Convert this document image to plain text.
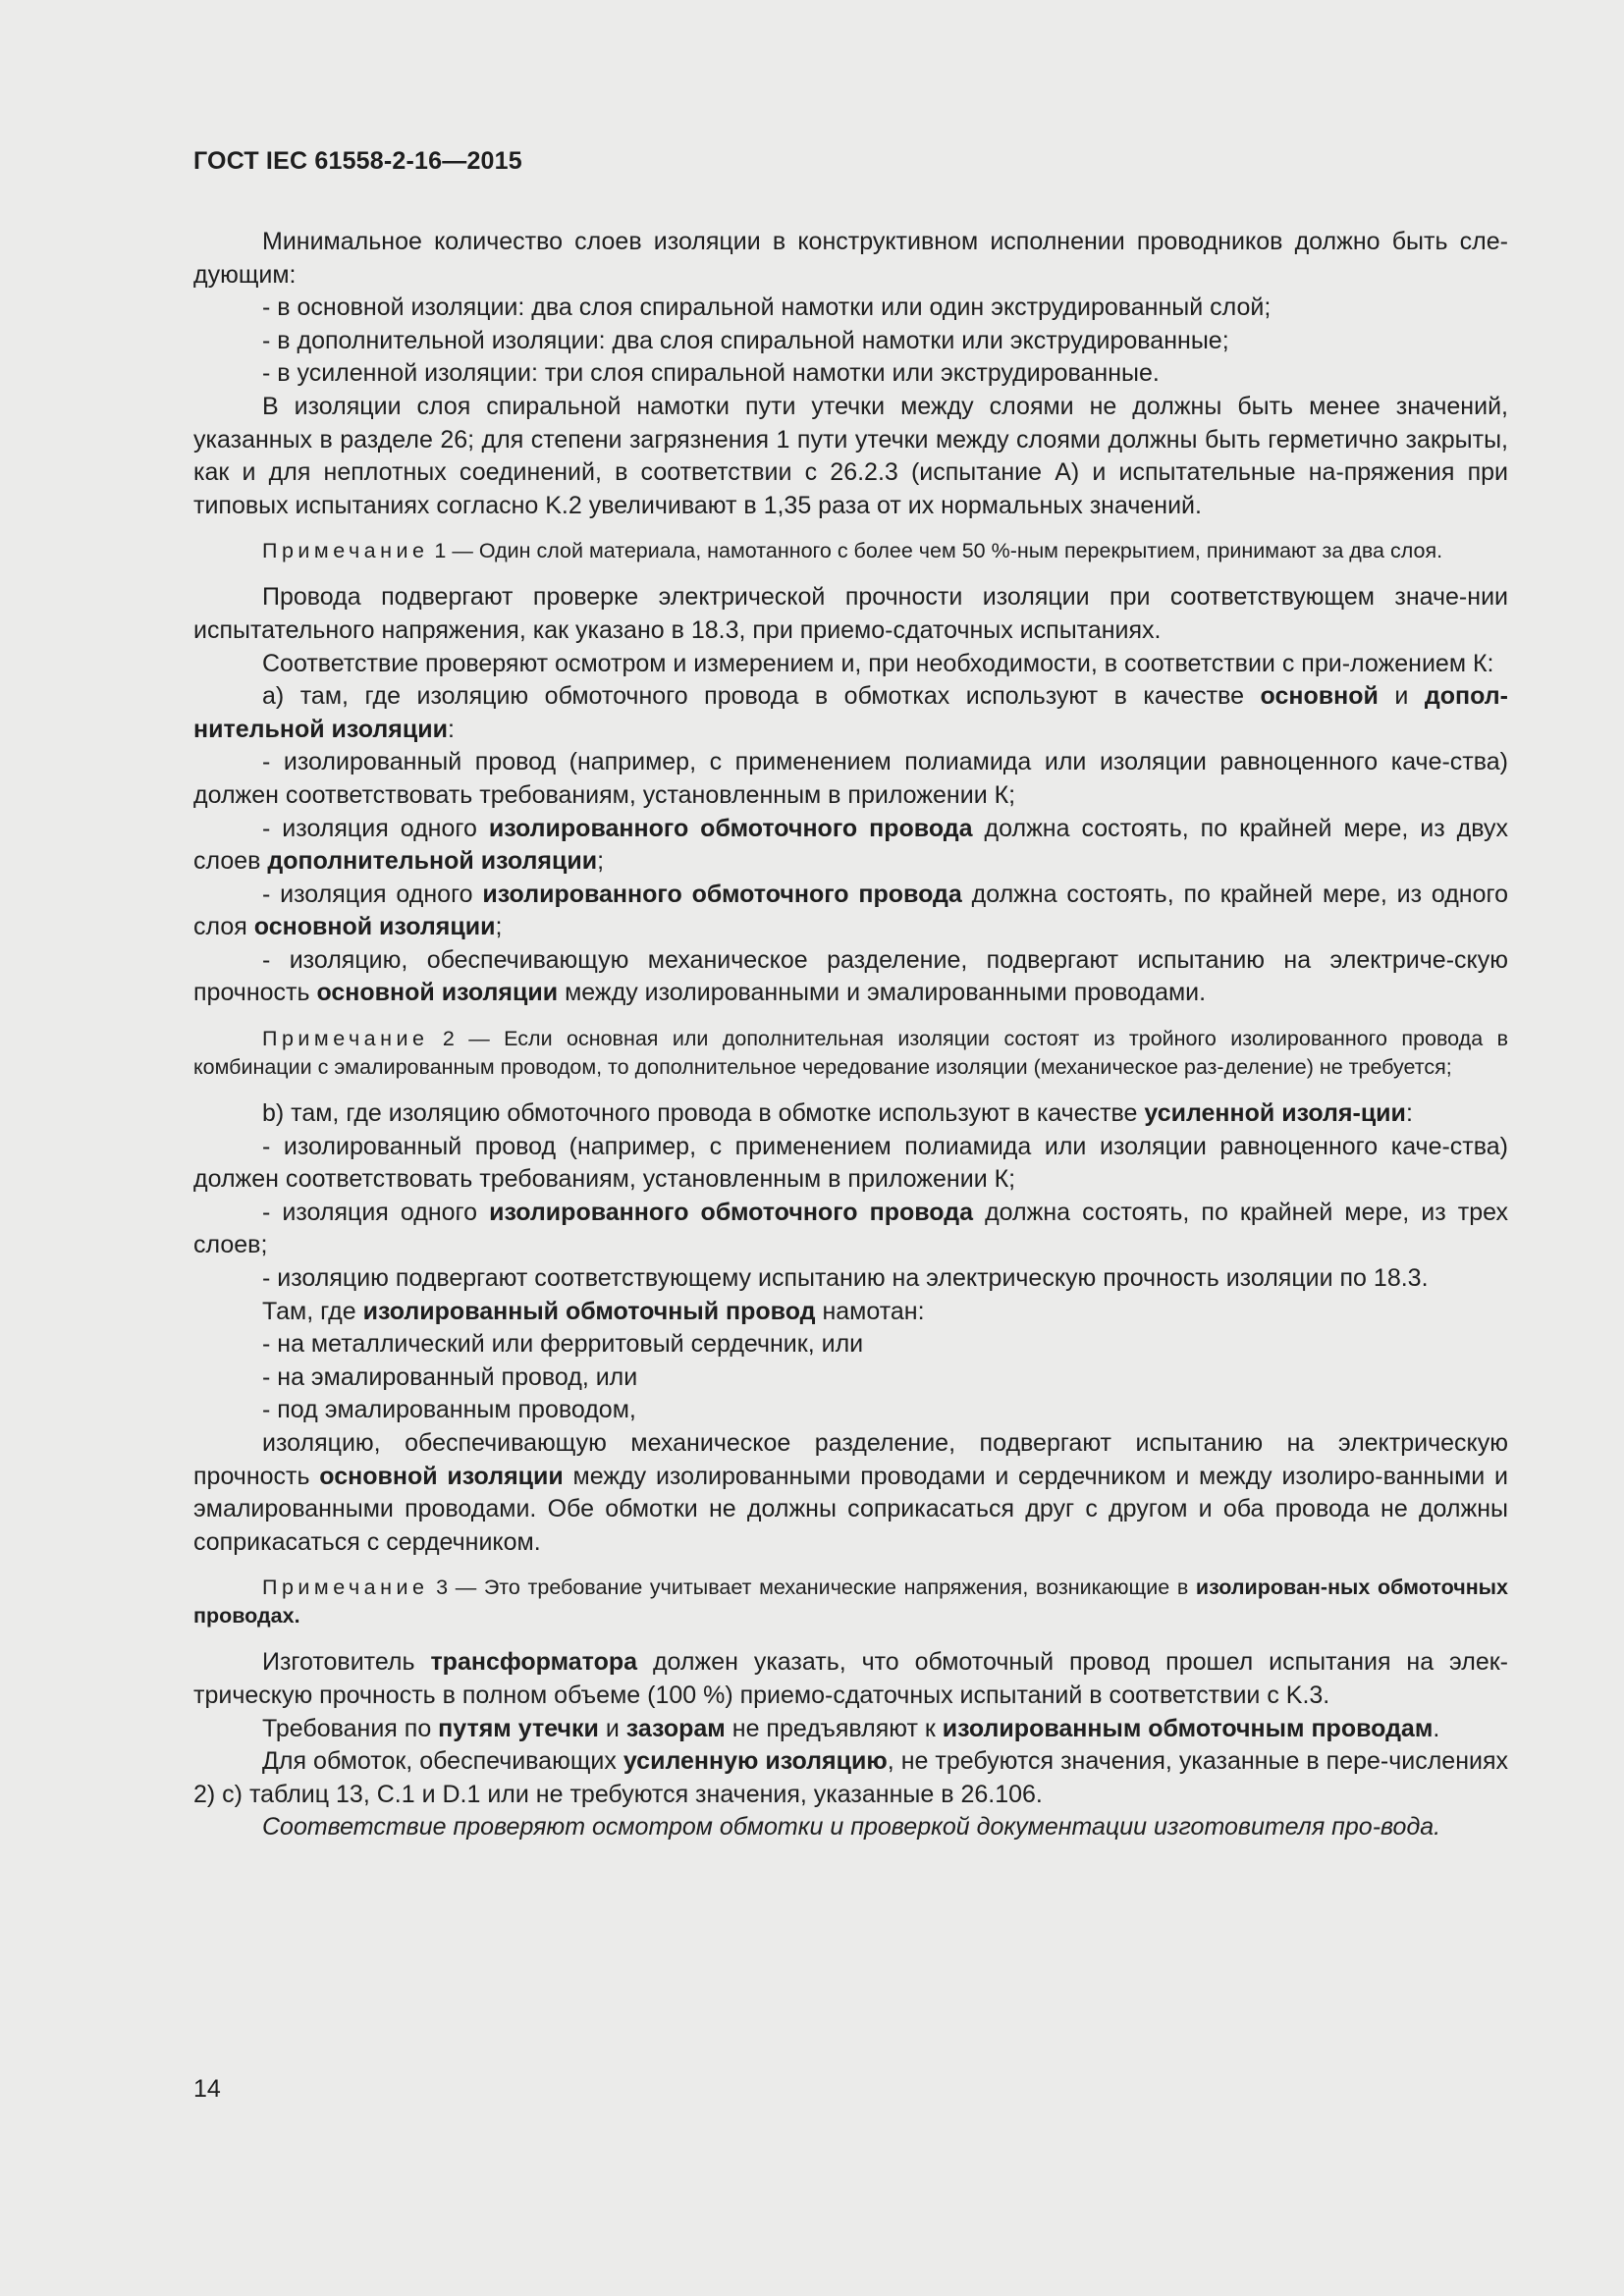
ГОСТ IEC 61558-2-16—2015

Минимальное количество слоев изоляции в конструктивном исполнении проводников должно быть сле-дующим:

- в основной изоляции: два слоя спиральной намотки или один экструдированный слой;

- в дополнительной изоляции: два слоя спиральной намотки или экструдированные;

- в усиленной изоляции: три слоя спиральной намотки или экструдированные.

В изоляции слоя спиральной намотки пути утечки между слоями не должны быть менее значений, указанных в разделе 26; для степени загрязнения 1 пути утечки между слоями должны быть герметично закрыты, как и для неплотных соединений, в соответствии с 26.2.3 (испытание А) и испытательные на-пряжения при типовых испытаниях согласно K.2 увеличивают в 1,35 раза от их нормальных значений.

Примечание 1 — Один слой материала, намотанного с более чем 50 %-ным перекрытием, принимают за два слоя.

Провода подвергают проверке электрической прочности изоляции при соответствующем значе-нии испытательного напряжения, как указано в 18.3, при приемо-сдаточных испытаниях.

Соответствие проверяют осмотром и измерением и, при необходимости, в соответствии с при-ложением К:

a) там, где изоляцию обмоточного провода в обмотках используют в качестве основной и допол-нительной изоляции:

- изолированный провод (например, с применением полиамида или изоляции равноценного каче-ства) должен соответствовать требованиям, установленным в приложении К;

- изоляция одного изолированного обмоточного провода должна состоять, по крайней мере, из двух слоев дополнительной изоляции;

- изоляция одного изолированного обмоточного провода должна состоять, по крайней мере, из одного слоя основной изоляции;

- изоляцию, обеспечивающую механическое разделение, подвергают испытанию на электриче-скую прочность основной изоляции между изолированными и эмалированными проводами.

Примечание 2 — Если основная или дополнительная изоляции состоят из тройного изолированного провода в комбинации с эмалированным проводом, то дополнительное чередование изоляции (механическое раз-деление) не требуется;

b) там, где изоляцию обмоточного провода в обмотке используют в качестве усиленной изоля-ции:

- изолированный провод (например, с применением полиамида или изоляции равноценного каче-ства) должен соответствовать требованиям, установленным в приложении К;

- изоляция одного изолированного обмоточного провода должна состоять, по крайней мере, из трех слоев;

- изоляцию подвергают соответствующему испытанию на электрическую прочность изоляции по 18.3.

Там, где изолированный обмоточный провод намотан:

- на металлический или ферритовый сердечник, или

- на эмалированный провод, или

- под эмалированным проводом,

изоляцию, обеспечивающую механическое разделение, подвергают испытанию на электрическую прочность основной изоляции между изолированными проводами и сердечником и между изолиро-ванными и эмалированными проводами. Обе обмотки не должны соприкасаться друг с другом и оба провода не должны соприкасаться с сердечником.

Примечание 3 — Это требование учитывает механические напряжения, возникающие в изолирован-ных обмоточных проводах.

Изготовитель трансформатора должен указать, что обмоточный провод прошел испытания на элек-трическую прочность в полном объеме (100 %) приемо-сдаточных испытаний в соответствии с K.3.

Требования по путям утечки и зазорам не предъявляют к изолированным обмоточным проводам.

Для обмоток, обеспечивающих усиленную изоляцию, не требуются значения, указанные в пере-числениях 2) c) таблиц 13, С.1 и D.1 или не требуются значения, указанные в 26.106.

Соответствие проверяют осмотром обмотки и проверкой документации изготовителя про-вода.

14
